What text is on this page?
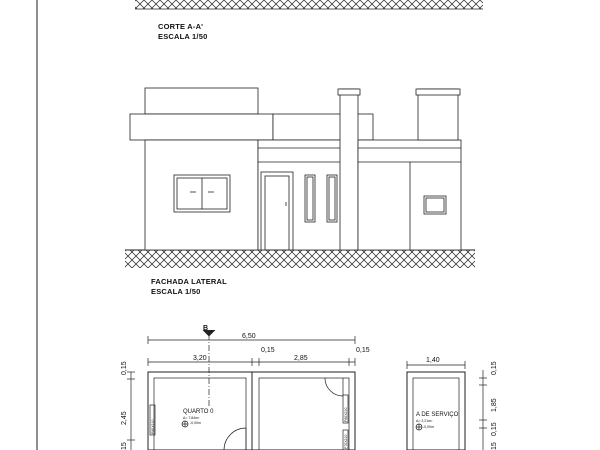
6,50
3,20
0,15
2,85
0,15
1,40
0,15
2,45
15
0,15
1,85
0,15
15
B
QUARTO 0
A= 7,84m²
-0,00m
A DE SERVIÇO
A= 2,21m²
-0,00m
P80X210
P80X210
P70X210
CORTE A-A'
ESCALA 1/50
FACHADA LATERAL
ESCALA 1/50
